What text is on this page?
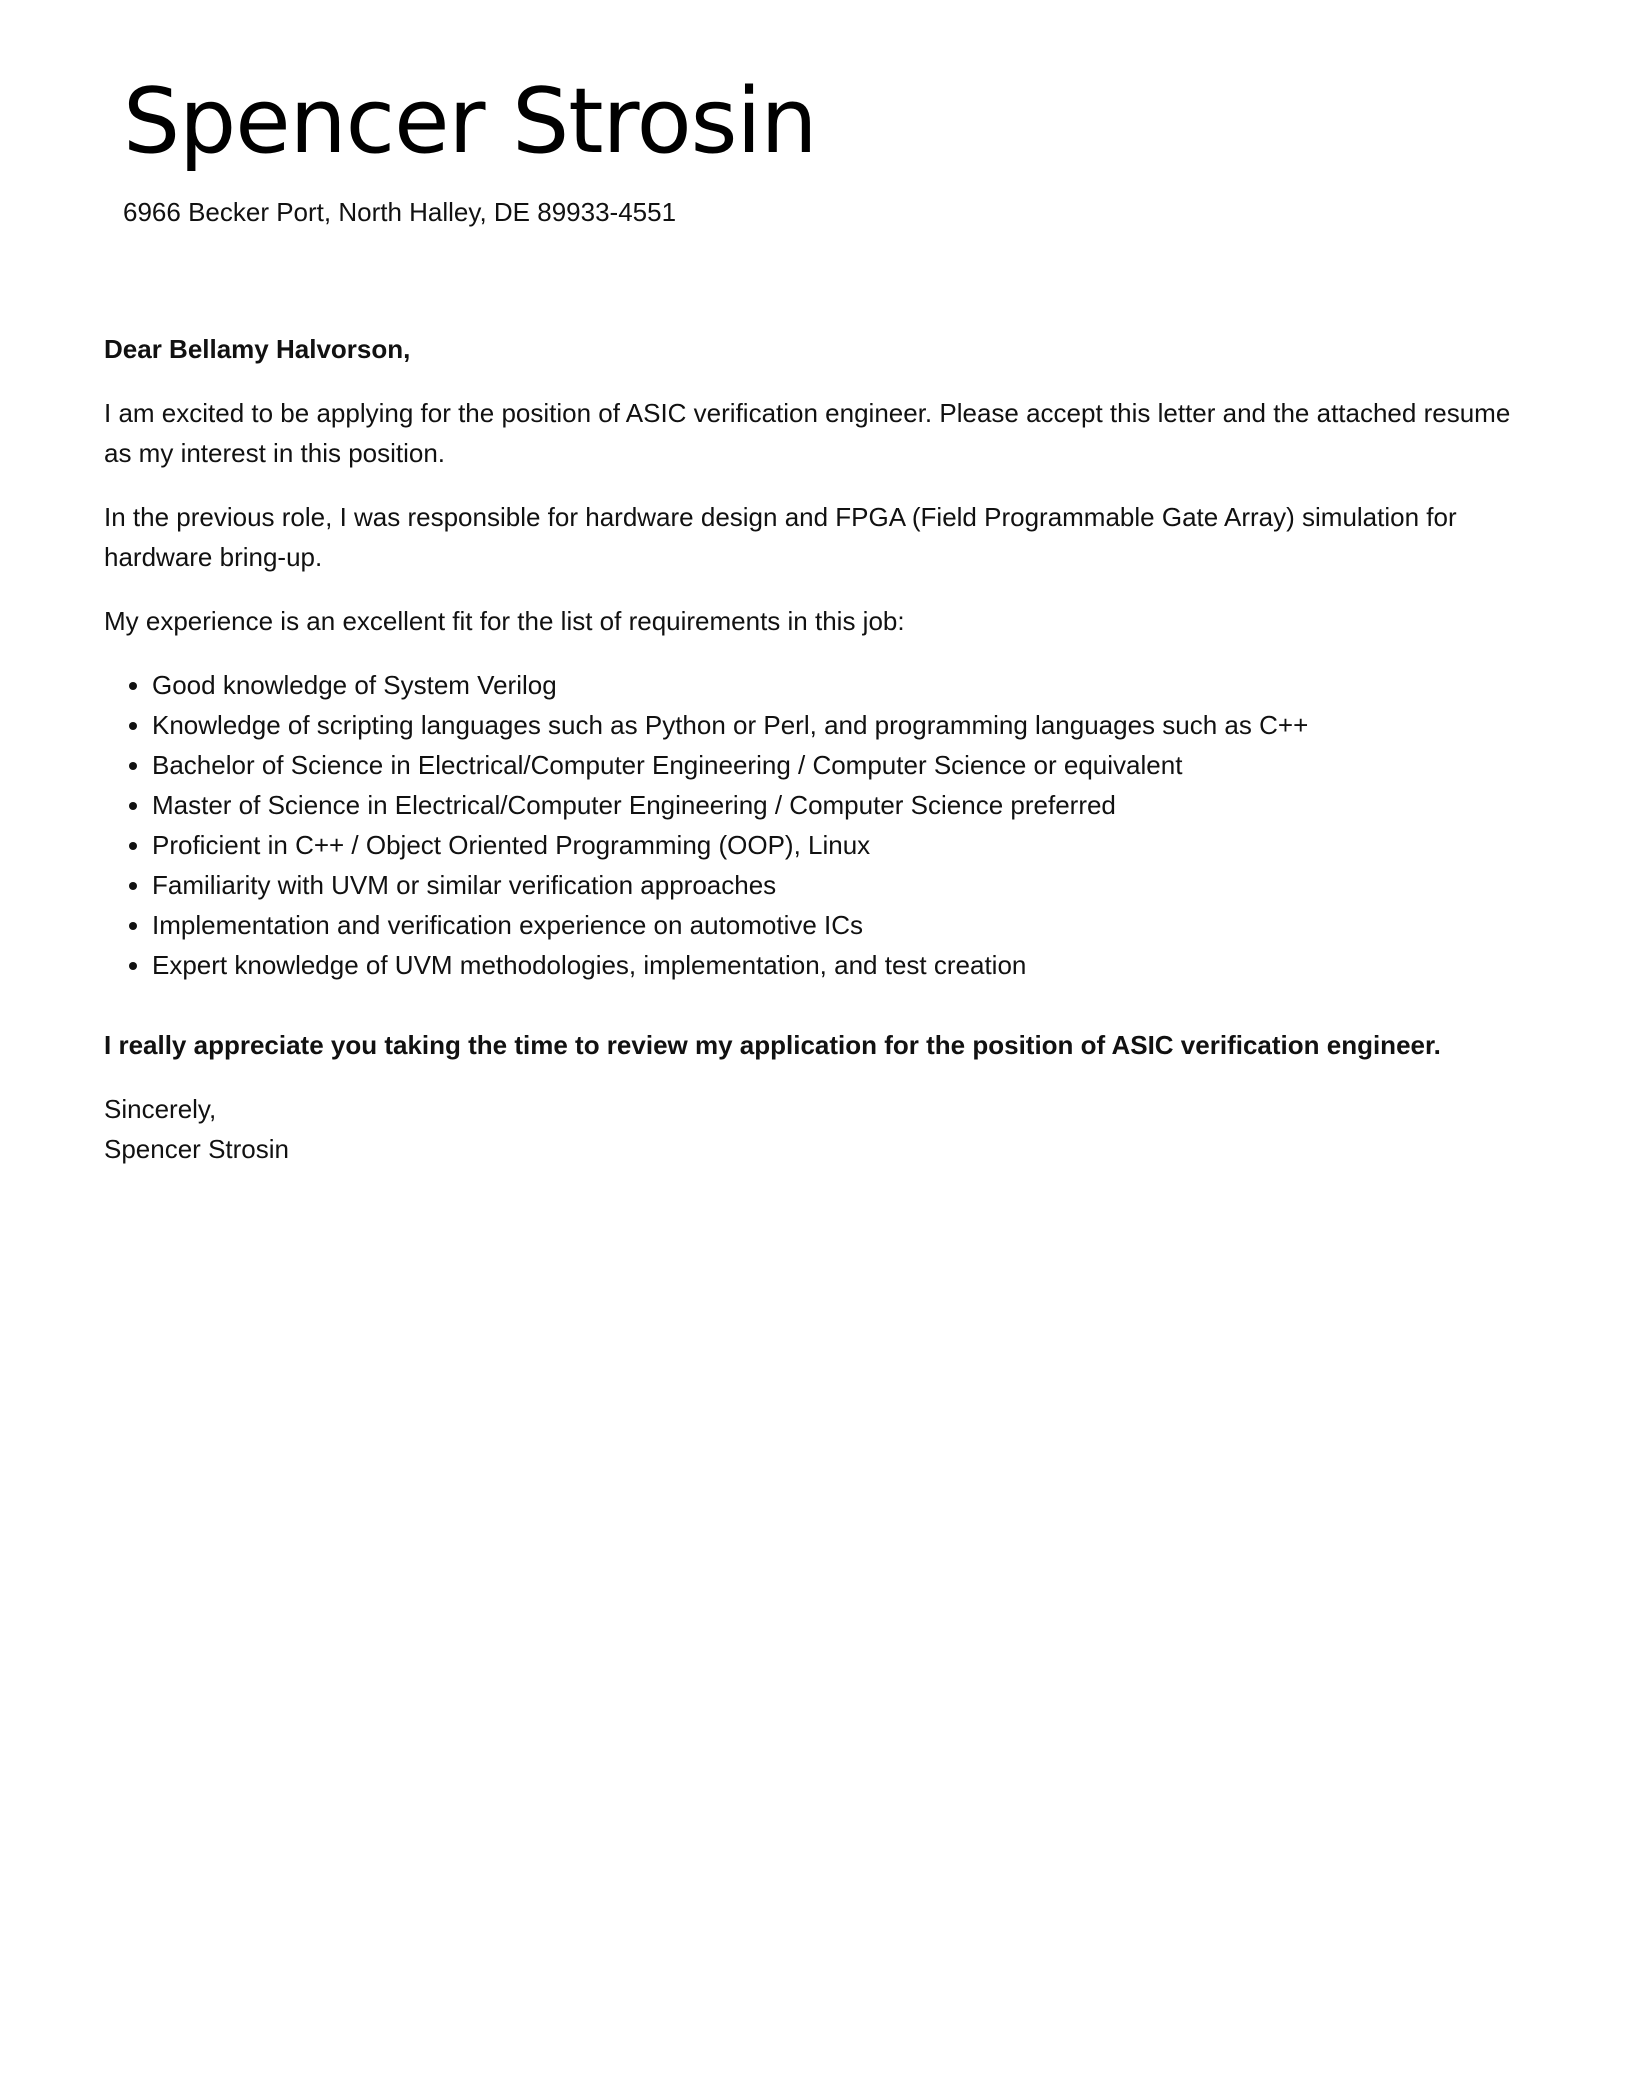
Spencer Strosin
6966 Becker Port, North Halley, DE 89933-4551

Dear Bellamy Halvorson,

I am excited to be applying for the position of ASIC verification engineer. Please accept this letter and the attached resume as my interest in this position.

In the previous role, I was responsible for hardware design and FPGA (Field Programmable Gate Array) simulation for hardware bring-up.

My experience is an excellent fit for the list of requirements in this job:

• Good knowledge of System Verilog
• Knowledge of scripting languages such as Python or Perl, and programming languages such as C++
• Bachelor of Science in Electrical/Computer Engineering / Computer Science or equivalent
• Master of Science in Electrical/Computer Engineering / Computer Science preferred
• Proficient in C++ / Object Oriented Programming (OOP), Linux
• Familiarity with UVM or similar verification approaches
• Implementation and verification experience on automotive ICs
• Expert knowledge of UVM methodologies, implementation, and test creation

I really appreciate you taking the time to review my application for the position of ASIC verification engineer.

Sincerely,

Spencer Strosin
